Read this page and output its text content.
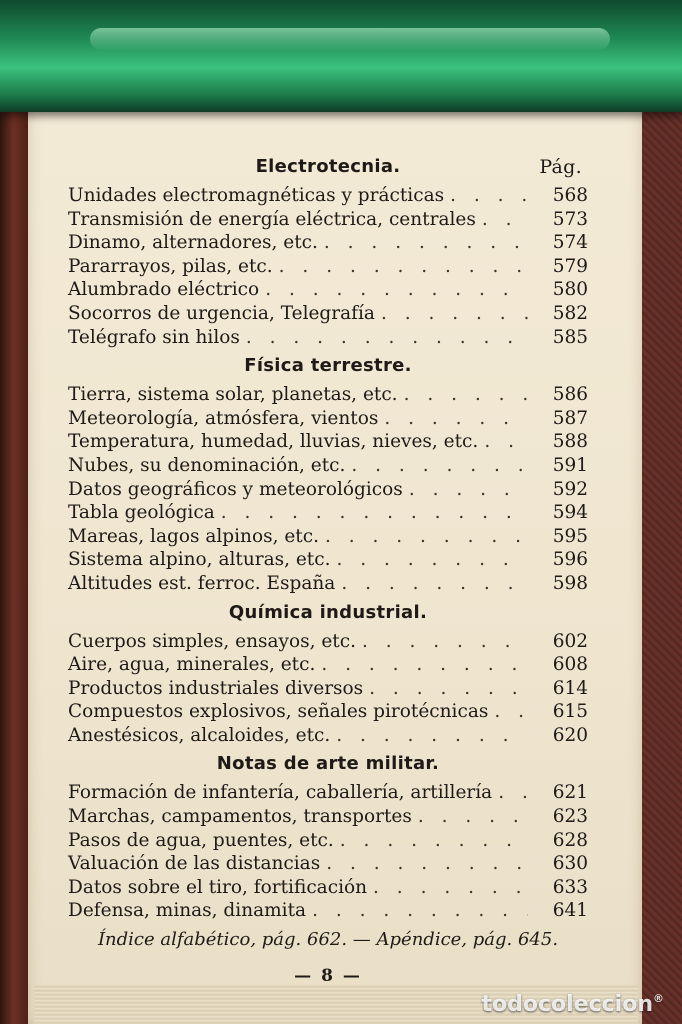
Electrotecnia.	Pág.
Unidades electromagnéticas y prácticas . . .	568
Transmisión de energía eléctrica, centrales . . .	573
Dinamo, alternadores, etc. . . .	574
Pararrayos, pilas, etc. . . .	579
Alumbrado eléctrico . . .	580
Socorros de urgencia, Telegrafía . . .	582
Telégrafo sin hilos . . .	585
Física terrestre.
Tierra, sistema solar, planetas, etc. . . .	586
Meteorología, atmósfera, vientos . . .	587
Temperatura, humedad, lluvias, nieves, etc. . . .	588
Nubes, su denominación, etc. . . .	591
Datos geográficos y meteorológicos . . .	592
Tabla geológica . . .	594
Mareas, lagos alpinos, etc. . . .	595
Sistema alpino, alturas, etc. . . .	596
Altitudes est. ferroc. España . . .	598
Química industrial.
Cuerpos simples, ensayos, etc. . . .	602
Aire, agua, minerales, etc. . . .	608
Productos industriales diversos . . .	614
Compuestos explosivos, señales pirotécnicas . . .	615
Anestésicos, alcaloides, etc. . . .	620
Notas de arte militar.
Formación de infantería, caballería, artillería . . .	621
Marchas, campamentos, transportes . . .	623
Pasos de agua, puentes, etc. . . .	628
Valuación de las distancias . . .	630
Datos sobre el tiro, fortificación . . .	633
Defensa, minas, dinamita . . .	641
Índice alfabético, pág. 662. — Apéndice, pág. 645.
— 8 —
todocoleccion®
